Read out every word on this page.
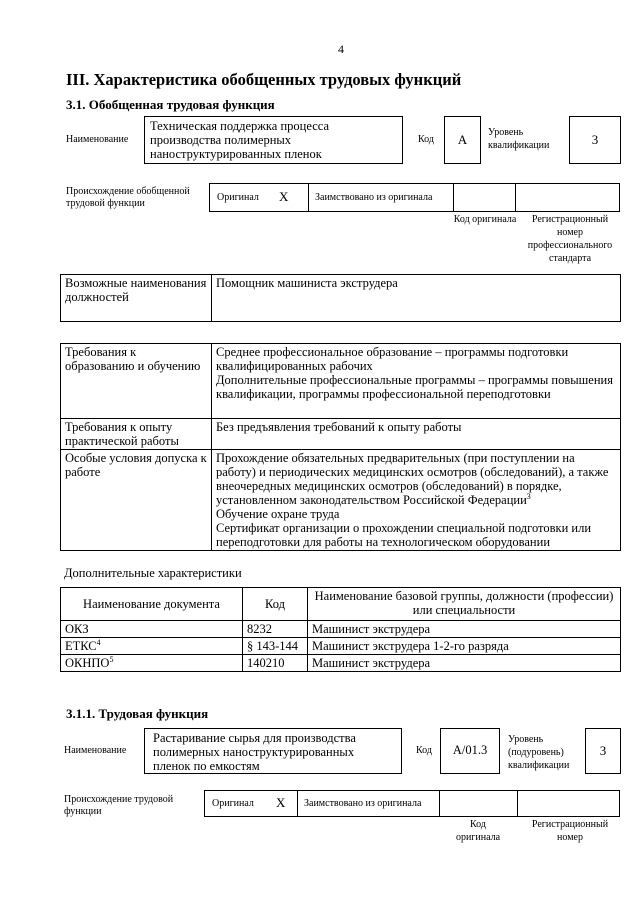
4
III. Характеристика обобщенных трудовых функций
3.1. Обобщенная трудовая функция
Наименование
Техническая поддержка процесса производства полимерных наноструктурированных пленок
Код	А	Уровень квалификации	3
Происхождение обобщенной трудовой функции
Оригинал X	Заимствовано из оригинала
Код оригинала	Регистрационный номер профессионального стандарта
Возможные наименования должностей	Помощник машиниста экструдера
Требования к образованию и обучению	Среднее профессиональное образование – программы подготовки квалифицированных рабочих
Дополнительные профессиональные программы – программы повышения квалификации, программы профессиональной переподготовки

Требования к опыту практической работы	Без предъявления требований к опыту работы
Особые условия допуска к работе	Прохождение обязательных предварительных (при поступлении на работу) и периодических медицинских осмотров (обследований), а также внеочередных медицинских осмотров (обследований) в порядке, установленном законодательством Российской Федерации$^3$
Обучение охране труда
Сертификат организации о прохождении специальной подготовки или переподготовки для работы на технологическом оборудовании
Дополнительные характеристики
Наименование документа	Код	Наименование базовой группы, должности (профессии) или специальности
ОКЗ	8232	Машинист экструдера
ЕТКС$^4$	§ 143-144	Машинист экструдера 1-2-го разряда
ОКНПО$^5$	140210	Машинист экструдера
3.1.1. Трудовая функция
Наименование
Растаривание сырья для производства полимерных наноструктурированных пленок по емкостям
Код	А/01.3
Уровень (подуровень) квалификации
3
Происхождение трудовой функции
Оригинал X Заимствовано из оригинала
Код оригинала
Регистрационный номер
